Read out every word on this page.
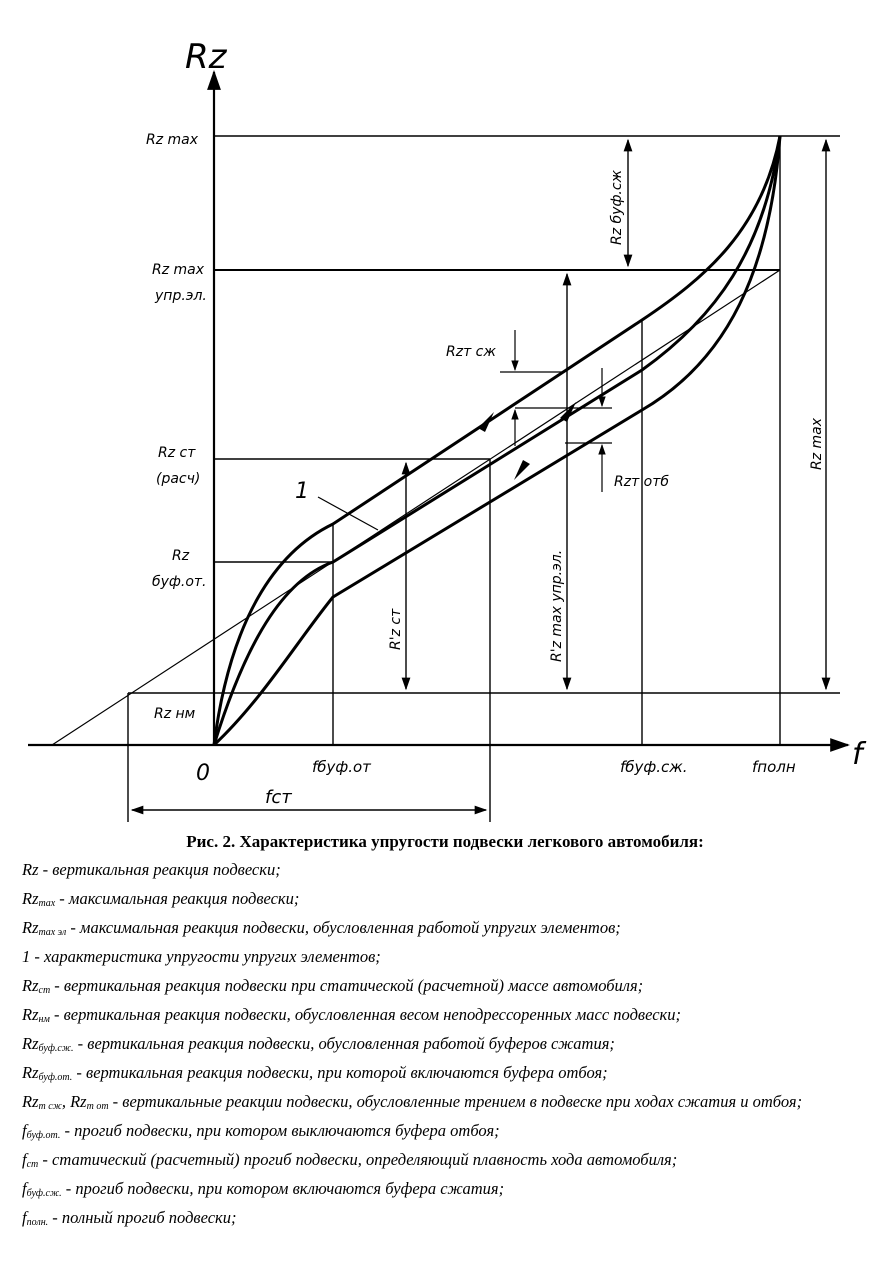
Rz
f
0
Rz max
Rz max
упр.эл.
Rz ст
(расч)
Rz
буф.от.
Rz нм
fбуф.от	fбуф.сж.	fполн
fст
Rzт сж
Rzт отб
1
Rz буф.сж
Rz max
R'z max упр.эл.
R'z ст
Рис. 2. Характеристика упругости подвески легкового автомобиля:
Rz - вертикальная реакция подвески;
$Rz_{max}$ - максимальная реакция подвески;
$Rz_{max эл}$ - максимальная реакция подвески, обусловленная работой упругих элементов;
1 - характеристика упругости упругих элементов;
$Rz_{ст}$ - вертикальная реакция подвески при статической (расчетной) массе автомобиля;
$Rz_{нм}$ - вертикальная реакция подвески, обусловленная весом неподрессоренных масс подвески;
$Rz_{буф.сж.}$ - вертикальная реакция подвески, обусловленная работой буферов сжатия;
$Rz_{буф.от.}$ - вертикальная реакция подвески, при которой включаются буфера отбоя;
$Rz_{т сж}$, $Rz_{т от}$ - вертикальные реакции подвески, обусловленные трением в подвеске при ходах сжатия и отбоя;
$f_{буф.от.}$ - прогиб подвески, при котором выключаются буфера отбоя;
$f_{ст}$ - статический (расчетный) прогиб подвески, определяющий плавность хода автомобиля;
$f_{буф.сж.}$ - прогиб подвески, при котором включаются буфера сжатия;
$f_{полн.}$ - полный прогиб подвески;
